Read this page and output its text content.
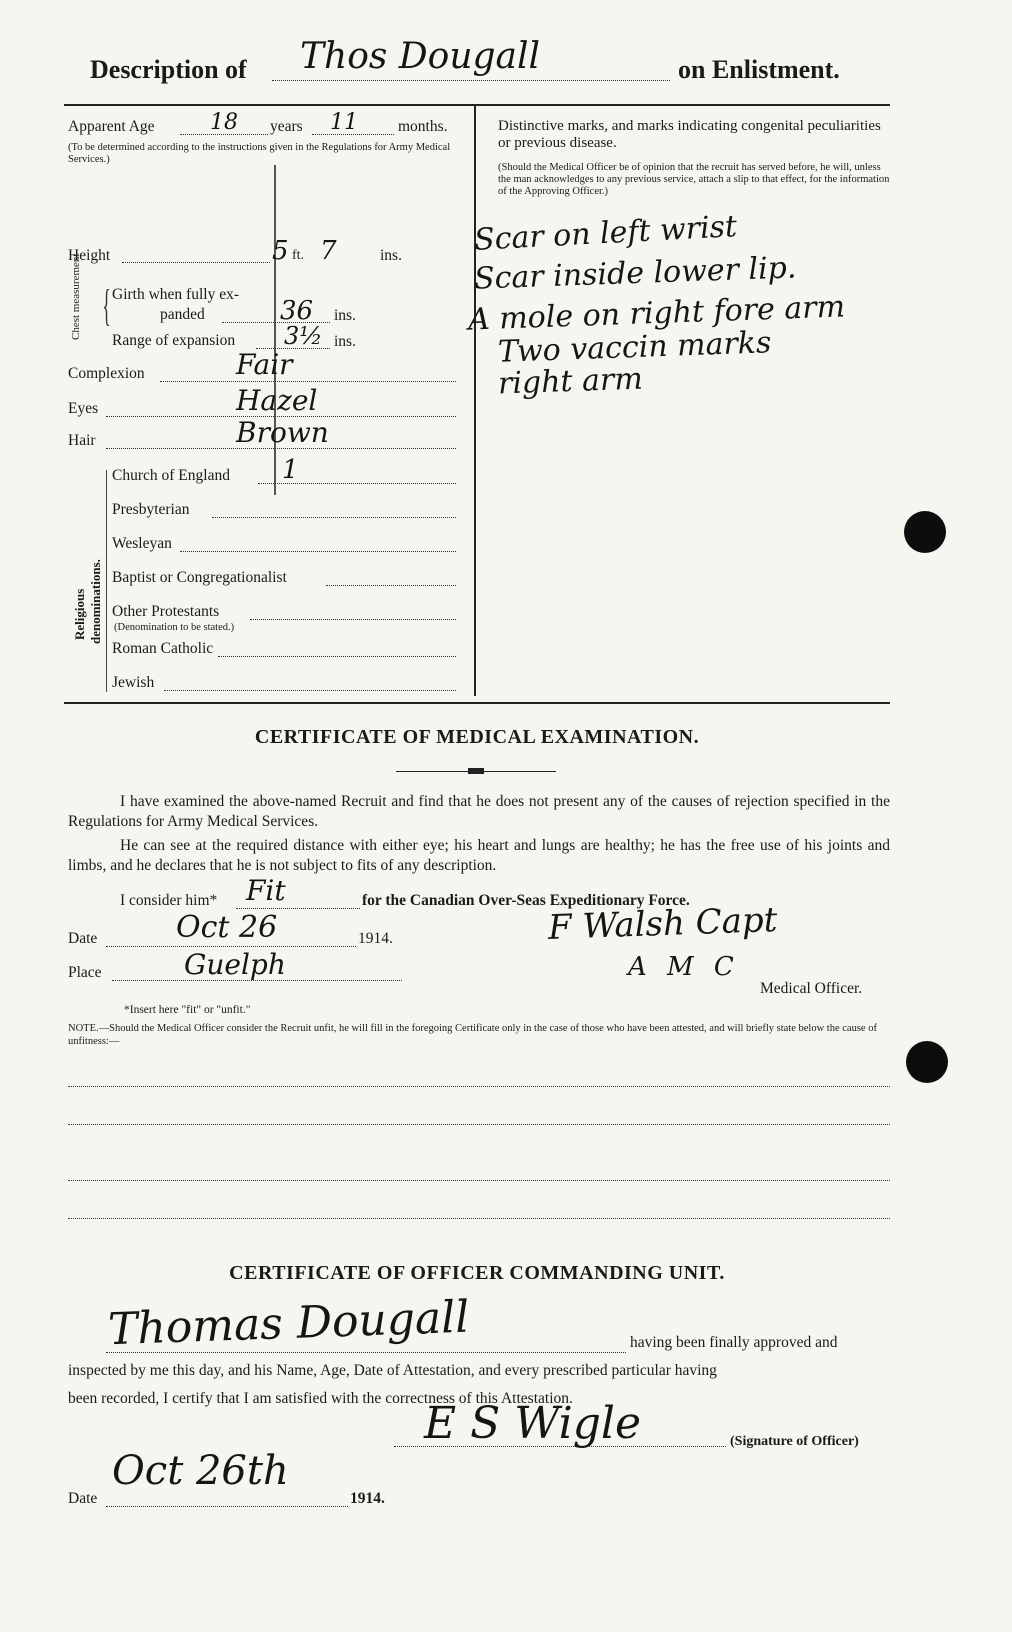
Description of Thos Dougall	on Enlistment.
Apparent Age	18 years 11	months.
(To be determined according to the instructions given in the Regulations for Army Medical Services.)
Height	5 ft. 7	ins.
Chest measurement { Girth when fully ex-
panded	36 ins.
Range of expansion 3½ ins.
Complexion	Fair
Eyes	Hazel
Hair	Brown
Religious denominations.
Church of England 1
Presbyterian
Wesleyan
Baptist or Congregationalist
Other Protestants
(Denomination to be stated.)
Roman Catholic
Jewish
Distinctive marks, and marks indicating congenital peculiarities or previous disease.
(Should the Medical Officer be of opinion that the recruit has served before, he will, unless the man acknowledges to any previous service, attach a slip to that effect, for the information of the Approving Officer.)
Scar on left wrist
Scar inside lower lip.
A mole on right fore arm
Two vaccin marks
right arm
CERTIFICATE OF MEDICAL EXAMINATION.
I have examined the above-named Recruit and find that he does not present any of the causes of rejection specified in the Regulations for Army Medical Services.
He can see at the required distance with either eye; his heart and lungs are healthy; he has the free use of his joints and limbs, and he declares that he is not subject to fits of any description.
I consider him* Fit	for the Canadian Over-Seas Expeditionary Force.
Date	Oct 26	1914.	F Walsh Capt
Place	Guelph	A M C
Medical Officer.
*Insert here "fit" or "unfit."
NOTE.—Should the Medical Officer consider the Recruit unfit, he will fill in the foregoing Certificate only in the case of those who have been attested, and will briefly state below the cause of unfitness:—
CERTIFICATE OF OFFICER COMMANDING UNIT.
Thomas Dougall	having been finally approved and
inspected by me this day, and his Name, Age, Date of Attestation, and every prescribed particular having
been recorded, I certify that I am satisfied with the correctness of this Attestation.
E S Wigle	(Signature of Officer)
Date
Oct 26th
1914.
